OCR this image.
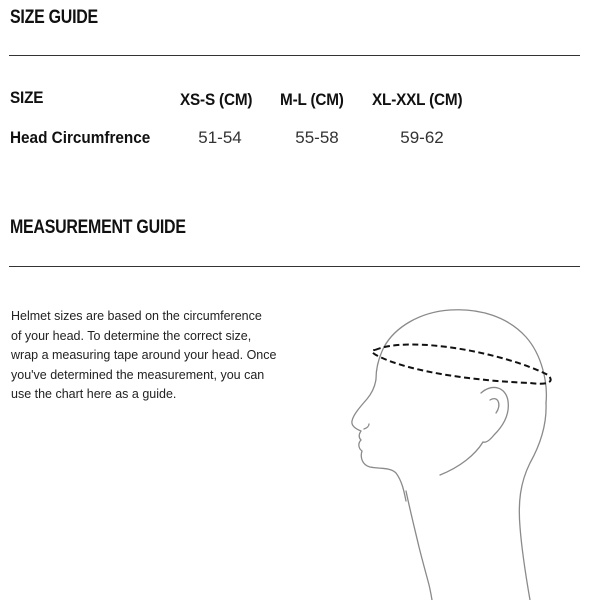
SIZE GUIDE
SIZE	XS-S (CM) M-L (CM) XL-XXL (CM)
Head Circumfrence	51-54	55-58	59-62
MEASUREMENT GUIDE
Helmet sizes are based on the circumference
of your head. To determine the correct size,
wrap a measuring tape around your head. Once
you've determined the measurement, you can
use the chart here as a guide.
